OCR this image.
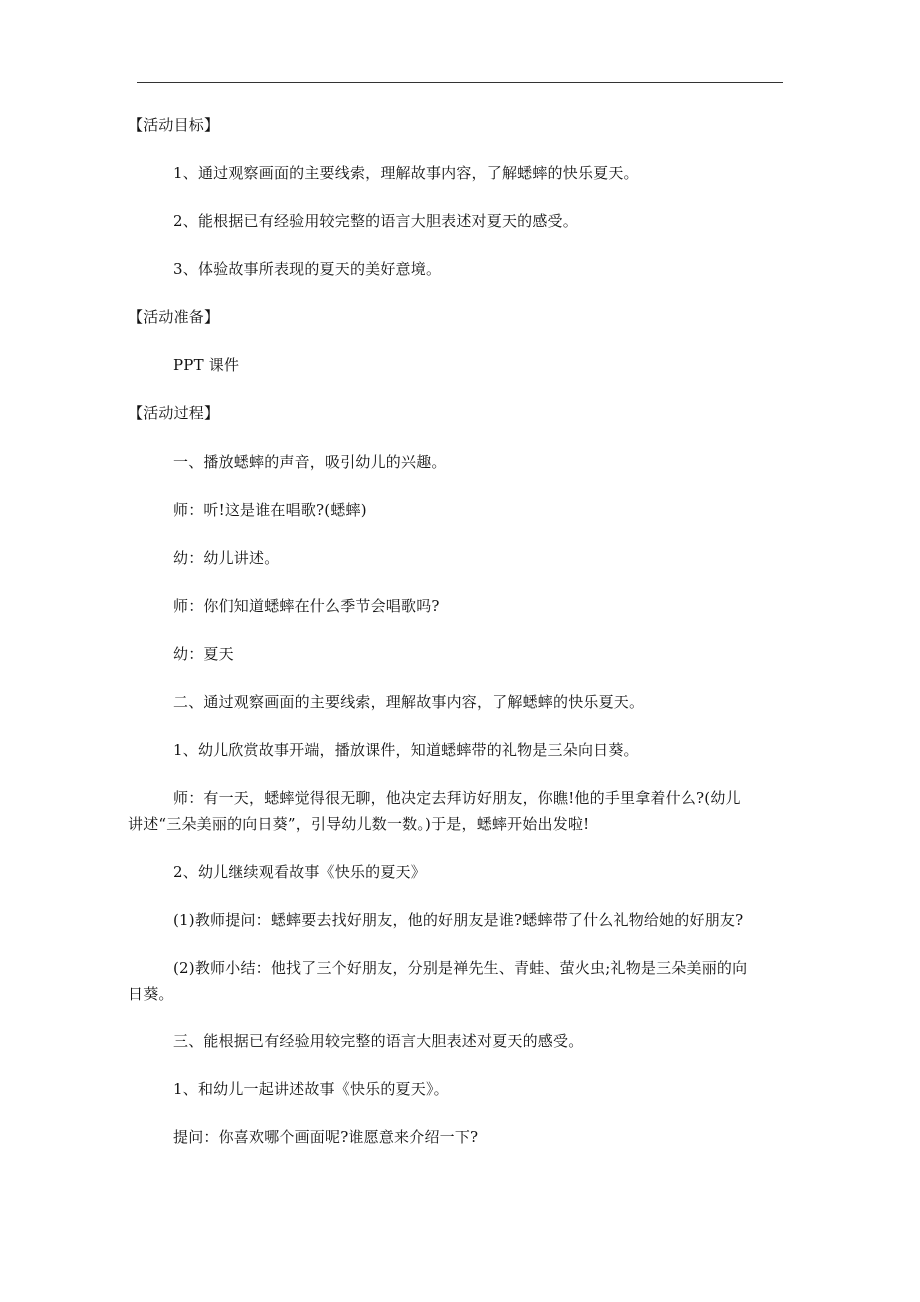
【活动目标】
1、通过观察画面的主要线索，理解故事内容，了解蟋蟀的快乐夏天。
2、能根据已有经验用较完整的语言大胆表述对夏天的感受。
3、体验故事所表现的夏天的美好意境。
【活动准备】
PPT 课件
【活动过程】
一、播放蟋蟀的声音，吸引幼儿的兴趣。
师：听!这是谁在唱歌?(蟋蟀)
幼：幼儿讲述。
师：你们知道蟋蟀在什么季节会唱歌吗?
幼：夏天
二、通过观察画面的主要线索，理解故事内容，了解蟋蟀的快乐夏天。
1、幼儿欣赏故事开端，播放课件，知道蟋蟀带的礼物是三朵向日葵。
师：有一天，蟋蟀觉得很无聊，他决定去拜访好朋友，你瞧!他的手里拿着什么?(幼儿
讲述“三朵美丽的向日葵”，引导幼儿数一数。)于是，蟋蟀开始出发啦!
2、幼儿继续观看故事《快乐的夏天》
(1)教师提问：蟋蟀要去找好朋友，他的好朋友是谁?蟋蟀带了什么礼物给她的好朋友?
(2)教师小结：他找了三个好朋友，分别是禅先生、青蛙、萤火虫;礼物是三朵美丽的向
日葵。
三、能根据已有经验用较完整的语言大胆表述对夏天的感受。
1、和幼儿一起讲述故事《快乐的夏天》。
提问：你喜欢哪个画面呢?谁愿意来介绍一下?
